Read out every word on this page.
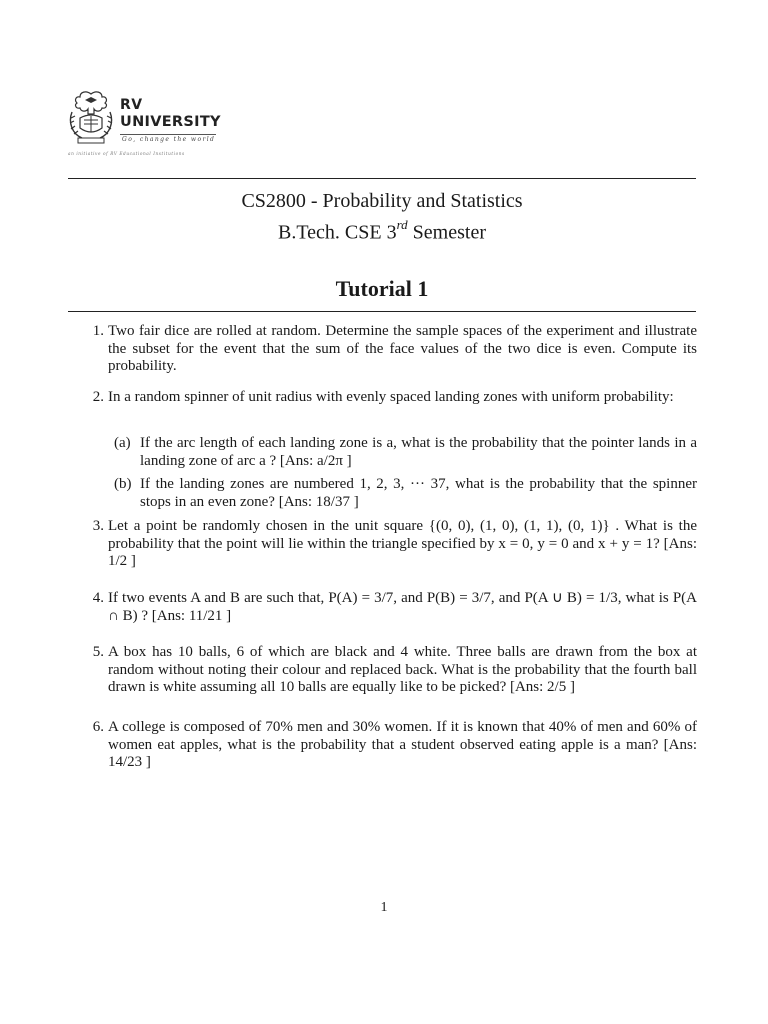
RV
UNIVERSITY
Go, change the world
an initiative of RV Educational Institutions
CS2800 - Probability and Statistics
B.Tech. CSE 3rd Semester
Tutorial 1
1. Two fair dice are rolled at random. Determine the sample spaces of the experiment and illustrate the subset for the event that the sum of the face values of the two dice is even. Compute its probability.
2. In a random spinner of unit radius with evenly spaced landing zones with uniform probability:
(a) If the arc length of each landing zone is a, what is the probability that the pointer lands in a landing zone of arc a ? [Ans: a/2π ]
(b) If the landing zones are numbered 1, 2, 3, ··· 37, what is the probability that the spinner stops in an even zone? [Ans: 18/37 ]
3. Let a point be randomly chosen in the unit square {(0, 0), (1, 0), (1, 1), (0, 1)} . What is the probability that the point will lie within the triangle specified by x = 0, y = 0 and x + y = 1? [Ans: 1/2 ]
4. If two events A and B are such that, P(A) = 3/7, and P(B) = 3/7, and P(A ∪ B) = 1/3, what is P(A ∩ B) ? [Ans: 11/21 ]
5. A box has 10 balls, 6 of which are black and 4 white. Three balls are drawn from the box at random without noting their colour and replaced back. What is the probability that the fourth ball drawn is white assuming all 10 balls are equally like to be picked? [Ans: 2/5 ]
6. A college is composed of 70% men and 30% women. If it is known that 40% of men and 60% of women eat apples, what is the probability that a student observed eating apple is a man? [Ans: 14/23 ]
1
